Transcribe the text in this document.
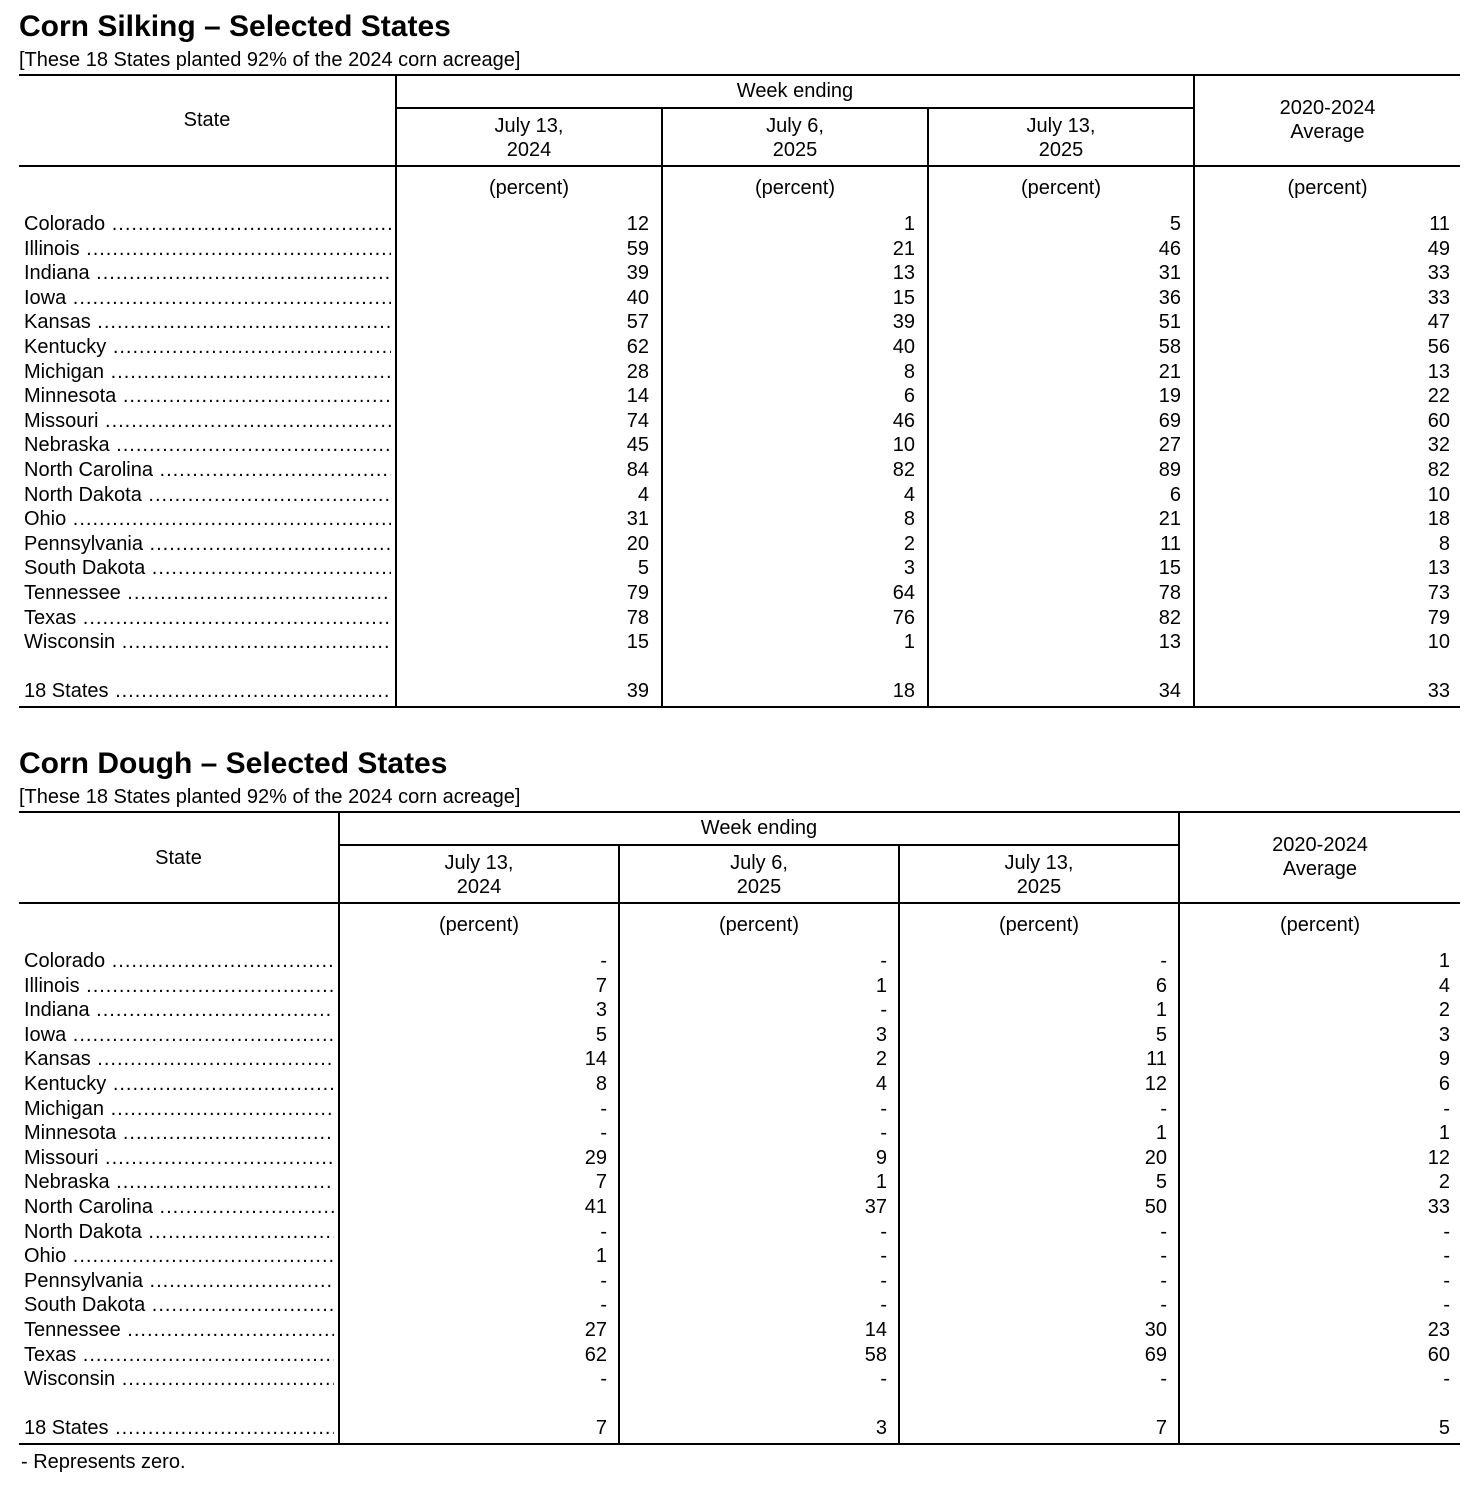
Corn Silking – Selected States
[These 18 States planted 92% of the 2024 corn acreage]
State
Week ending
July 13,
2024
July 6,
2025
July 13,
2025
2020-2024
Average
(percent)	(percent)	(percent)	(percent)
Colorado .....	12	1	5	11
Illinois .....	59	21	46	49
Indiana .....	39	13	31	33
Iowa .....	40	15	36	33
Kansas .....	57	39	51	47
Kentucky .....	62	40	58	56
Michigan .....	28	8	21	13
Minnesota .....	14	6	19	22
Missouri .....	74	46	69	60
Nebraska .....	45	10	27	32
North Carolina .....	84	82	89	82
North Dakota .....	4	4	6	10
Ohio .....	31	8	21	18
Pennsylvania .....	20	2	11	8
South Dakota .....	5	3	15	13
Tennessee .....	79	64	78	73
Texas .....	78	76	82	79
Wisconsin .....	15	1	13	10
18 States .....	39	18	34	33
Corn Dough – Selected States
[These 18 States planted 92% of the 2024 corn acreage]
State
Week ending
July 13,
2024
July 6,
2025
July 13,
2025
2020-2024
Average
(percent)	(percent)	(percent)	(percent)
Colorado .....	-	-	-	1
Illinois .....	7	1	6	4
Indiana .....	3	-	1	2
Iowa .....	5	3	5	3
Kansas .....	14	2	11	9
Kentucky .....	8	4	12	6
Michigan .....	-	-	-	-
Minnesota .....	-	-	1	1
Missouri .....	29	9	20	12
Nebraska .....	7	1	5	2
North Carolina .....	41	37	50	33
North Dakota .....	-	-	-	-
Ohio .....	1	-	-	-
Pennsylvania .....	-	-	-	-
South Dakota .....	-	-	-	-
Tennessee .....	27	14	30	23
Texas .....	62	58	69	60
Wisconsin .....	-	-	-	-
18 States .....	7	3	7	5
- Represents zero.
